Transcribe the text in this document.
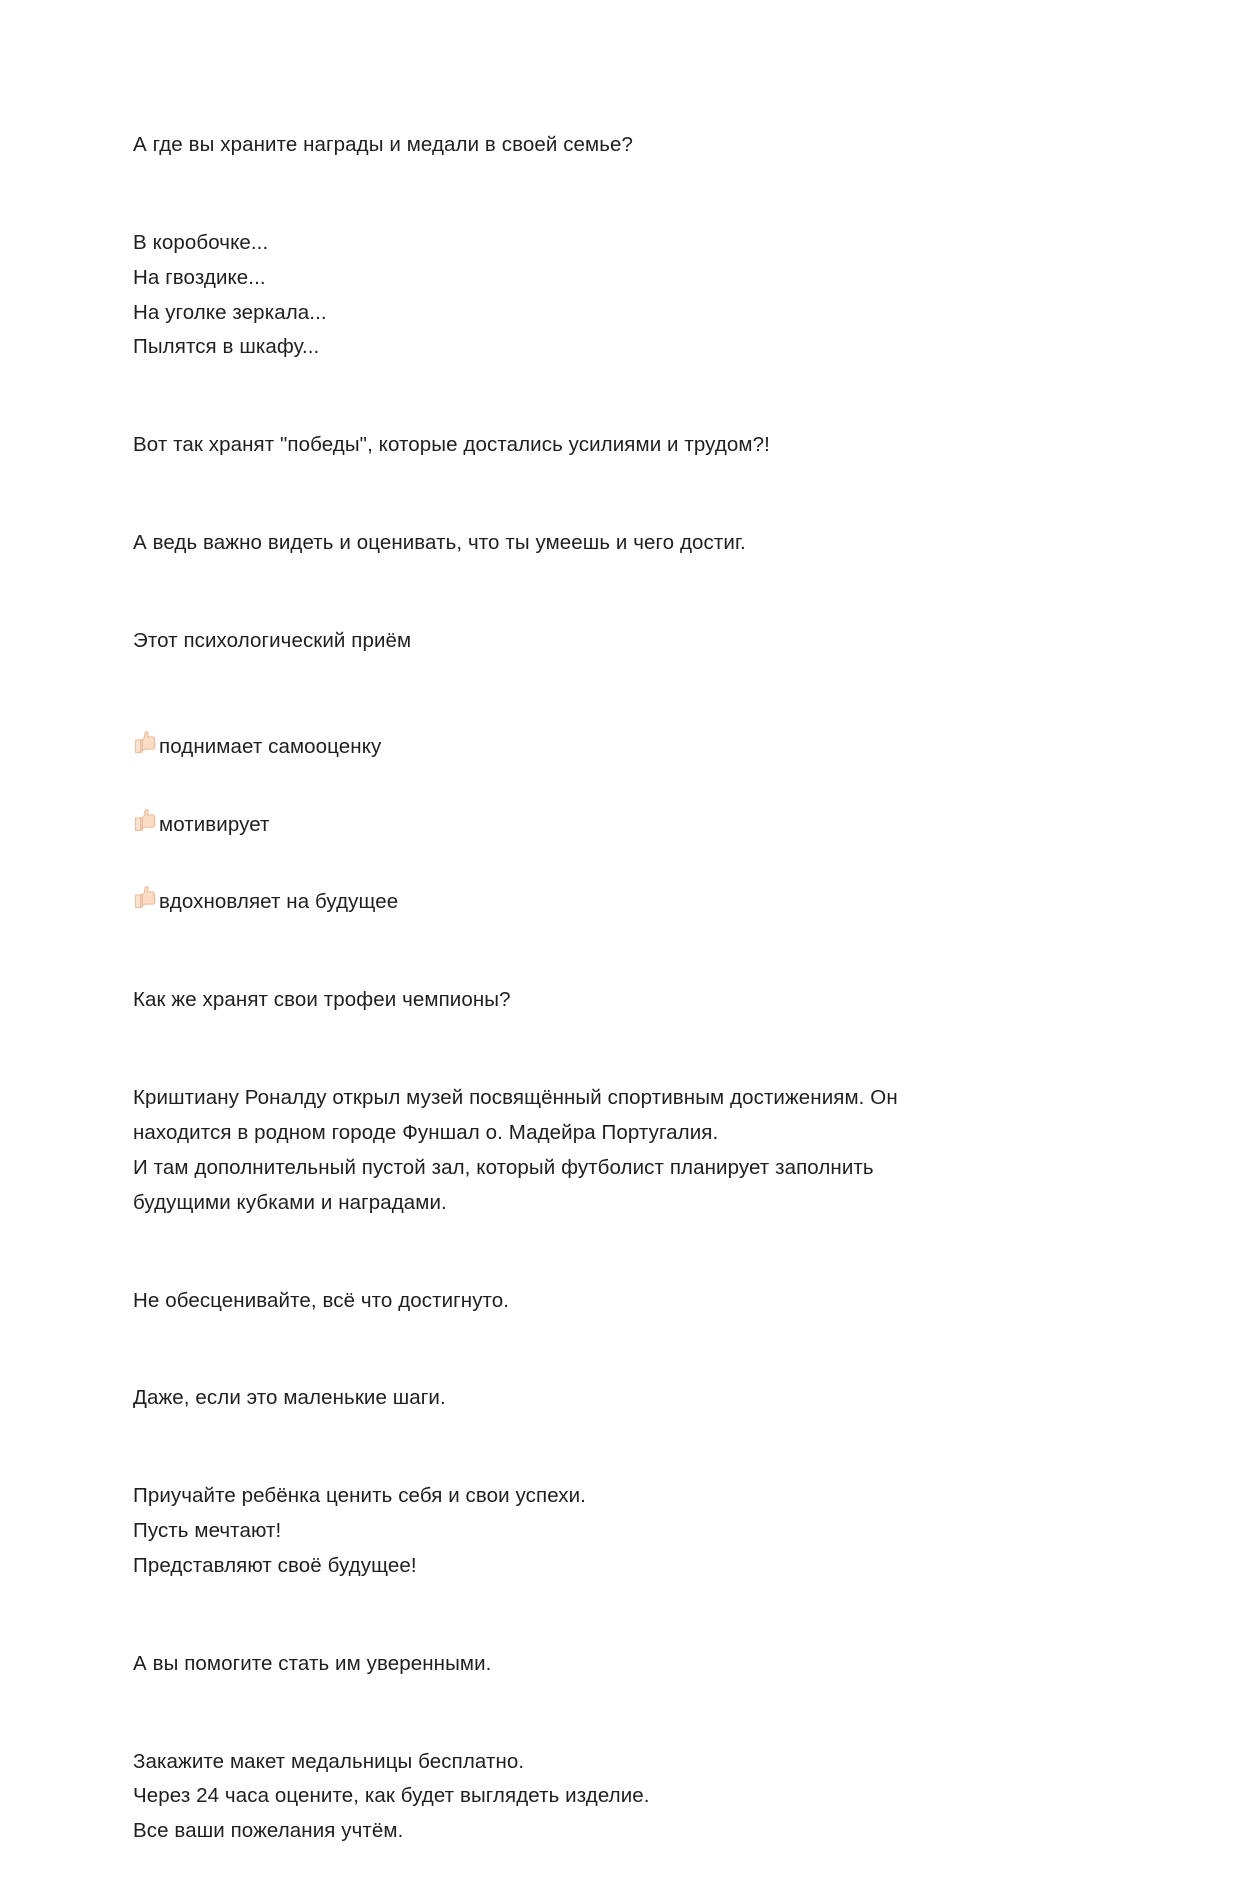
А где вы храните награды и медали в своей семье?

В коробочке...

На гвоздике...

На уголке зеркала...

Пылятся в шкафу...

Вот так хранят "победы", которые достались усилиями и трудом?!

А ведь важно видеть и оценивать, что ты умеешь и чего достиг.

Этот психологический приём

поднимает самооценку
мотивирует
вдохновляет на будущее

Как же хранят свои трофеи чемпионы?

Криштиану Роналду открыл музей посвящённый спортивным достижениям. Он находится в родном городе Фуншал о. Мадейра Португалия.

И там дополнительный пустой зал, который футболист планирует заполнить будущими кубками и наградами.

Не обесценивайте, всё что достигнуто.

Даже, если это маленькие шаги.

Приучайте ребёнка ценить себя и свои успехи.

Пусть мечтают!

Представляют своё будущее!

А вы помогите стать им уверенными.

Закажите макет медальницы бесплатно.

Через 24 часа оцените, как будет выглядеть изделие.

Все ваши пожелания учтём.
